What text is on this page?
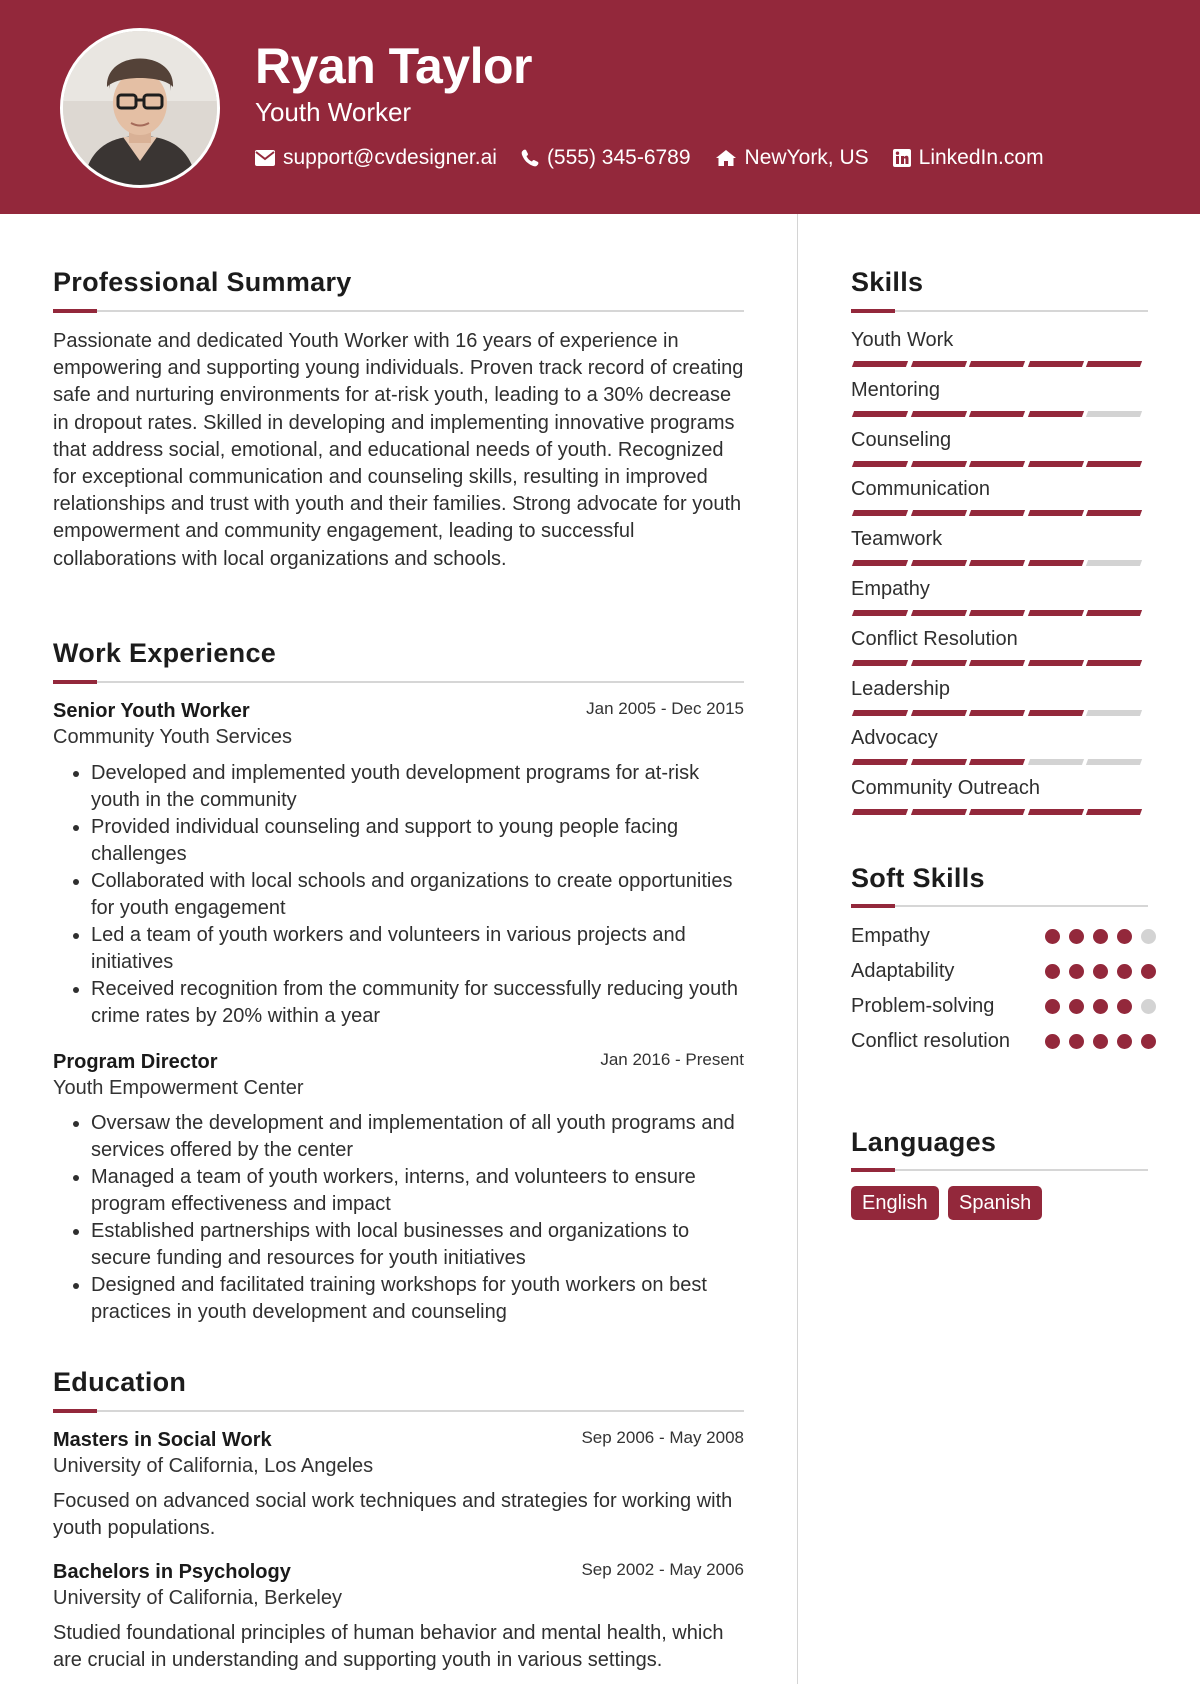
Ryan Taylor
Youth Worker
support@cvdesigner.ai (555) 345-6789	NewYork, US LinkedIn.com
Professional Summary

Passionate and dedicated Youth Worker with 16 years of experience in empowering and supporting young individuals. Proven track record of creating safe and nurturing environments for at-risk youth, leading to a 30% decrease in dropout rates. Skilled in developing and implementing innovative programs that address social, emotional, and educational needs of youth. Recognized for exceptional communication and counseling skills, resulting in improved relationships and trust with youth and their families. Strong advocate for youth empowerment and community engagement, leading to successful collaborations with local organizations and schools.

Work Experience
Senior Youth Worker	Jan 2005 - Dec 2015
Community Youth Services
• Developed and implemented youth development programs for at-risk youth in the community
• Provided individual counseling and support to young people facing challenges
• Collaborated with local schools and organizations to create opportunities for youth engagement
• Led a team of youth workers and volunteers in various projects and initiatives
• Received recognition from the community for successfully reducing youth crime rates by 20% within a year
Program Director	Jan 2016 - Present
Youth Empowerment Center
• Oversaw the development and implementation of all youth programs and services offered by the center
• Managed a team of youth workers, interns, and volunteers to ensure program effectiveness and impact
• Established partnerships with local businesses and organizations to secure funding and resources for youth initiatives
• Designed and facilitated training workshops for youth workers on best practices in youth development and counseling
Education
Masters in Social Work	Sep 2006 - May 2008
University of California, Los Angeles

Focused on advanced social work techniques and strategies for working with youth populations.

Bachelors in Psychology	Sep 2002 - May 2006
University of California, Berkeley

Studied foundational principles of human behavior and mental health, which are crucial in understanding and supporting youth in various settings.

Skills
Youth Work
Mentoring
Counseling
Communication
Teamwork
Empathy
Conflict Resolution
Leadership
Advocacy
Community Outreach
Soft Skills
Empathy
Adaptability
Problem-solving
Conflict resolution
Languages
English	Spanish
